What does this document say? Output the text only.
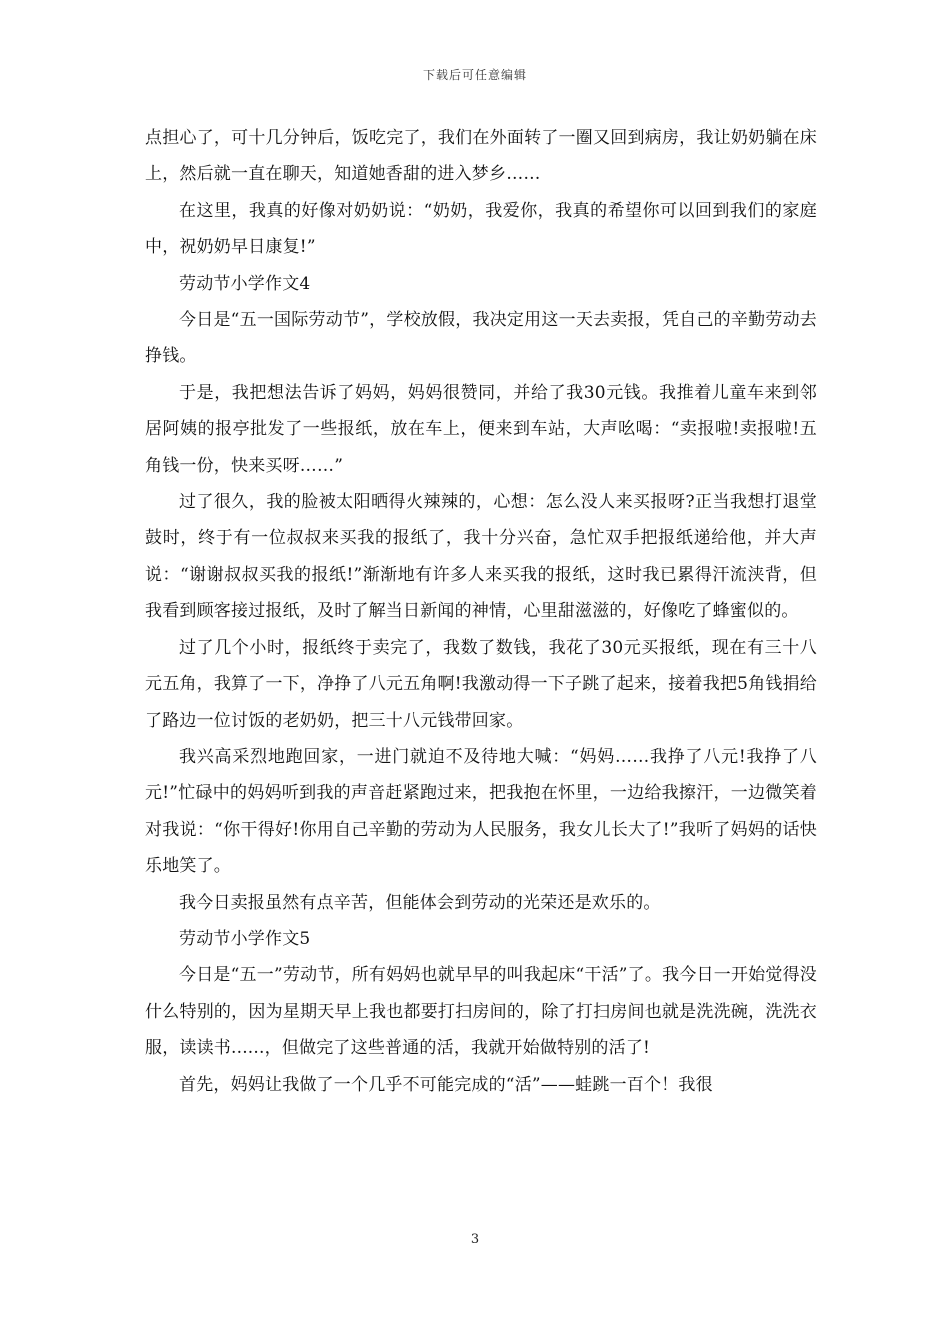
下载后可任意编辑

点担心了，可十几分钟后，饭吃完了，我们在外面转了一圈又回到病房，我让奶奶躺在床上，然后就一直在聊天，知道她香甜的进入梦乡……

在这里，我真的好像对奶奶说：“奶奶，我爱你，我真的希望你可以回到我们的家庭中，祝奶奶早日康复!”

劳动节小学作文4

今日是“五一国际劳动节”，学校放假，我决定用这一天去卖报，凭自己的辛勤劳动去挣钱。

于是，我把想法告诉了妈妈，妈妈很赞同，并给了我30元钱。我推着儿童车来到邻居阿姨的报亭批发了一些报纸，放在车上，便来到车站，大声吆喝：“卖报啦!卖报啦!五角钱一份，快来买呀……”

过了很久，我的脸被太阳晒得火辣辣的，心想：怎么没人来买报呀?正当我想打退堂鼓时，终于有一位叔叔来买我的报纸了，我十分兴奋，急忙双手把报纸递给他，并大声说：“谢谢叔叔买我的报纸!”渐渐地有许多人来买我的报纸，这时我已累得汗流浃背，但我看到顾客接过报纸，及时了解当日新闻的神情，心里甜滋滋的，好像吃了蜂蜜似的。

过了几个小时，报纸终于卖完了，我数了数钱，我花了30元买报纸，现在有三十八元五角，我算了一下，净挣了八元五角啊!我激动得一下子跳了起来，接着我把5角钱捐给了路边一位讨饭的老奶奶，把三十八元钱带回家。

我兴高采烈地跑回家，一进门就迫不及待地大喊：“妈妈……我挣了八元!我挣了八元!”忙碌中的妈妈听到我的声音赶紧跑过来，把我抱在怀里，一边给我擦汗，一边微笑着对我说：“你干得好!你用自己辛勤的劳动为人民服务，我女儿长大了!”我听了妈妈的话快乐地笑了。

我今日卖报虽然有点辛苦，但能体会到劳动的光荣还是欢乐的。

劳动节小学作文5

今日是“五一”劳动节，所有妈妈也就早早的叫我起床“干活”了。我今日一开始觉得没什么特别的，因为星期天早上我也都要打扫房间的，除了打扫房间也就是洗洗碗，洗洗衣服，读读书......，但做完了这些普通的活，我就开始做特别的活了!

首先，妈妈让我做了一个几乎不可能完成的“活”——蛙跳一百个！我很

3
